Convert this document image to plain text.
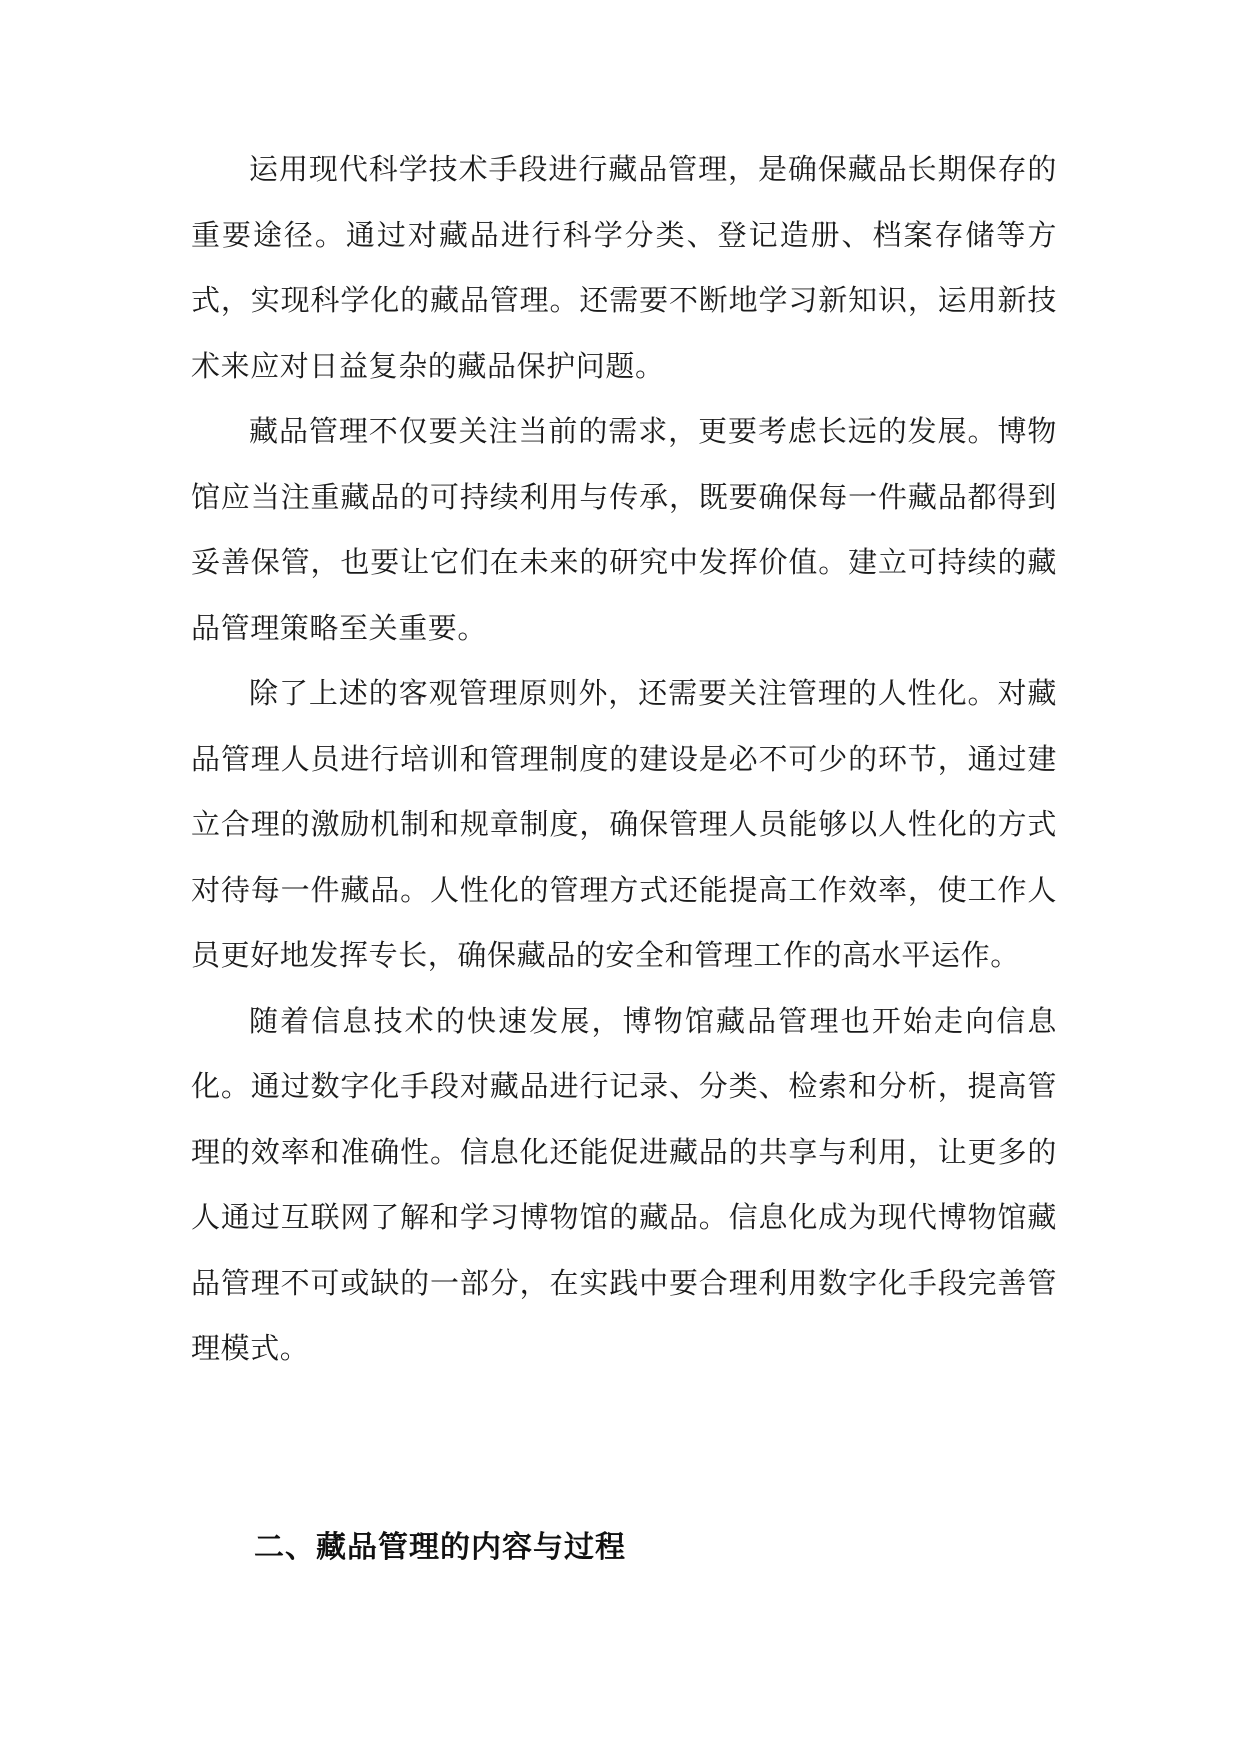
运用现代科学技术手段进行藏品管理，是确保藏品长期保存的重要途径。通过对藏品进行科学分类、登记造册、档案存储等方式，实现科学化的藏品管理。还需要不断地学习新知识，运用新技术来应对日益复杂的藏品保护问题。

藏品管理不仅要关注当前的需求，更要考虑长远的发展。博物馆应当注重藏品的可持续利用与传承，既要确保每一件藏品都得到妥善保管，也要让它们在未来的研究中发挥价值。建立可持续的藏品管理策略至关重要。

除了上述的客观管理原则外，还需要关注管理的人性化。对藏品管理人员进行培训和管理制度的建设是必不可少的环节，通过建立合理的激励机制和规章制度，确保管理人员能够以人性化的方式对待每一件藏品。人性化的管理方式还能提高工作效率，使工作人员更好地发挥专长，确保藏品的安全和管理工作的高水平运作。

随着信息技术的快速发展，博物馆藏品管理也开始走向信息化。通过数字化手段对藏品进行记录、分类、检索和分析，提高管理的效率和准确性。信息化还能促进藏品的共享与利用，让更多的人通过互联网了解和学习博物馆的藏品。信息化成为现代博物馆藏品管理不可或缺的一部分，在实践中要合理利用数字化手段完善管理模式。

二、藏品管理的内容与过程
